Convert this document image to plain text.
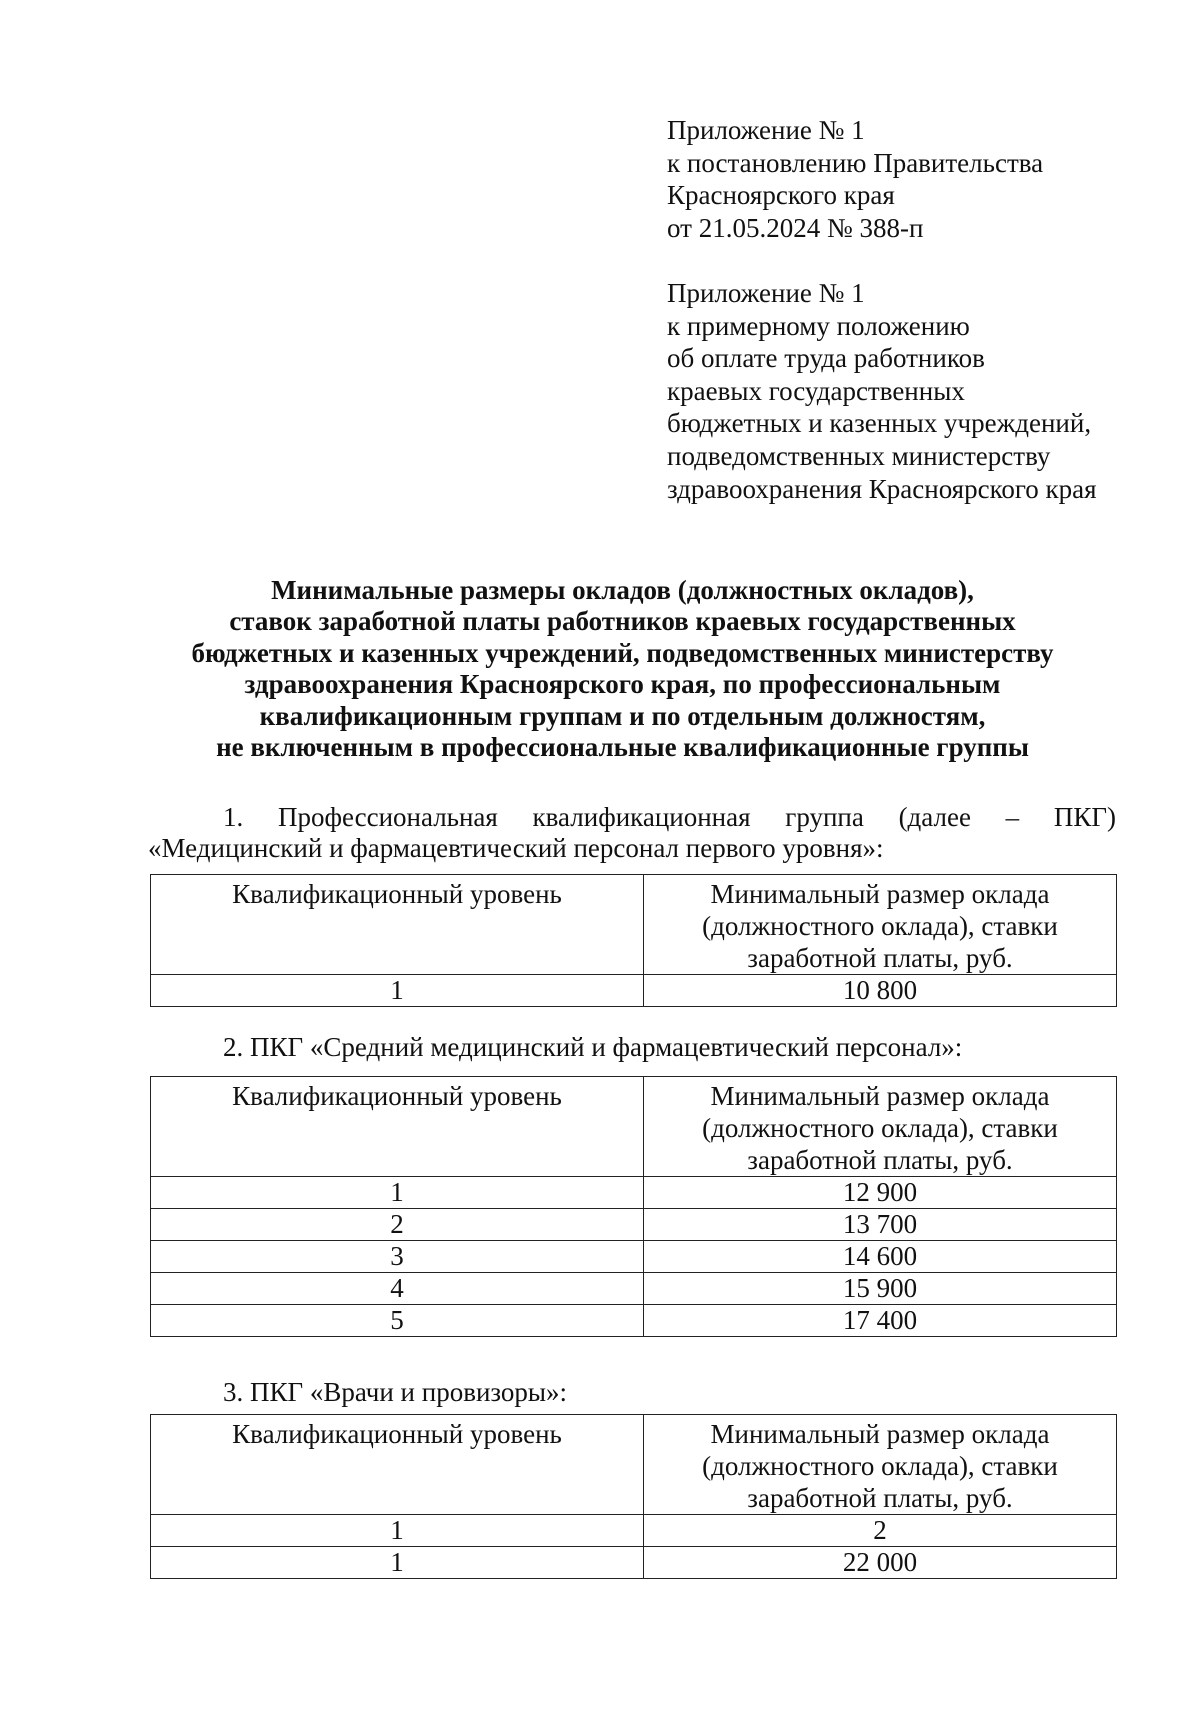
Приложение № 1
к постановлению Правительства
Красноярского края
от 21.05.2024 № 388-п
Приложение № 1
к примерному положению
об оплате труда работников
краевых государственных
бюджетных и казенных учреждений,
подведомственных министерству
здравоохранения Красноярского края
Минимальные размеры окладов (должностных окладов),
ставок заработной платы работников краевых государственных
бюджетных и казенных учреждений, подведомственных министерству
здравоохранения Красноярского края, по профессиональным
квалификационным группам и по отдельным должностям,
не включенным в профессиональные квалификационные группы
1. Профессиональная квалификационная группа (далее – ПКГ)
«Медицинский и фармацевтический персонал первого уровня»:
Квалификационный уровень	Минимальный размер оклада
(должностного оклада), ставки
заработной платы, руб.

1	10 800
2. ПКГ «Средний медицинский и фармацевтический персонал»:
Квалификационный уровень	Минимальный размер оклада
(должностного оклада), ставки
заработной платы, руб.

1	12 900
2	13 700
3	14 600
4	15 900
5	17 400
3. ПКГ «Врачи и провизоры»:
Квалификационный уровень	Минимальный размер оклада
(должностного оклада), ставки
заработной платы, руб.

1	2
1	22 000
